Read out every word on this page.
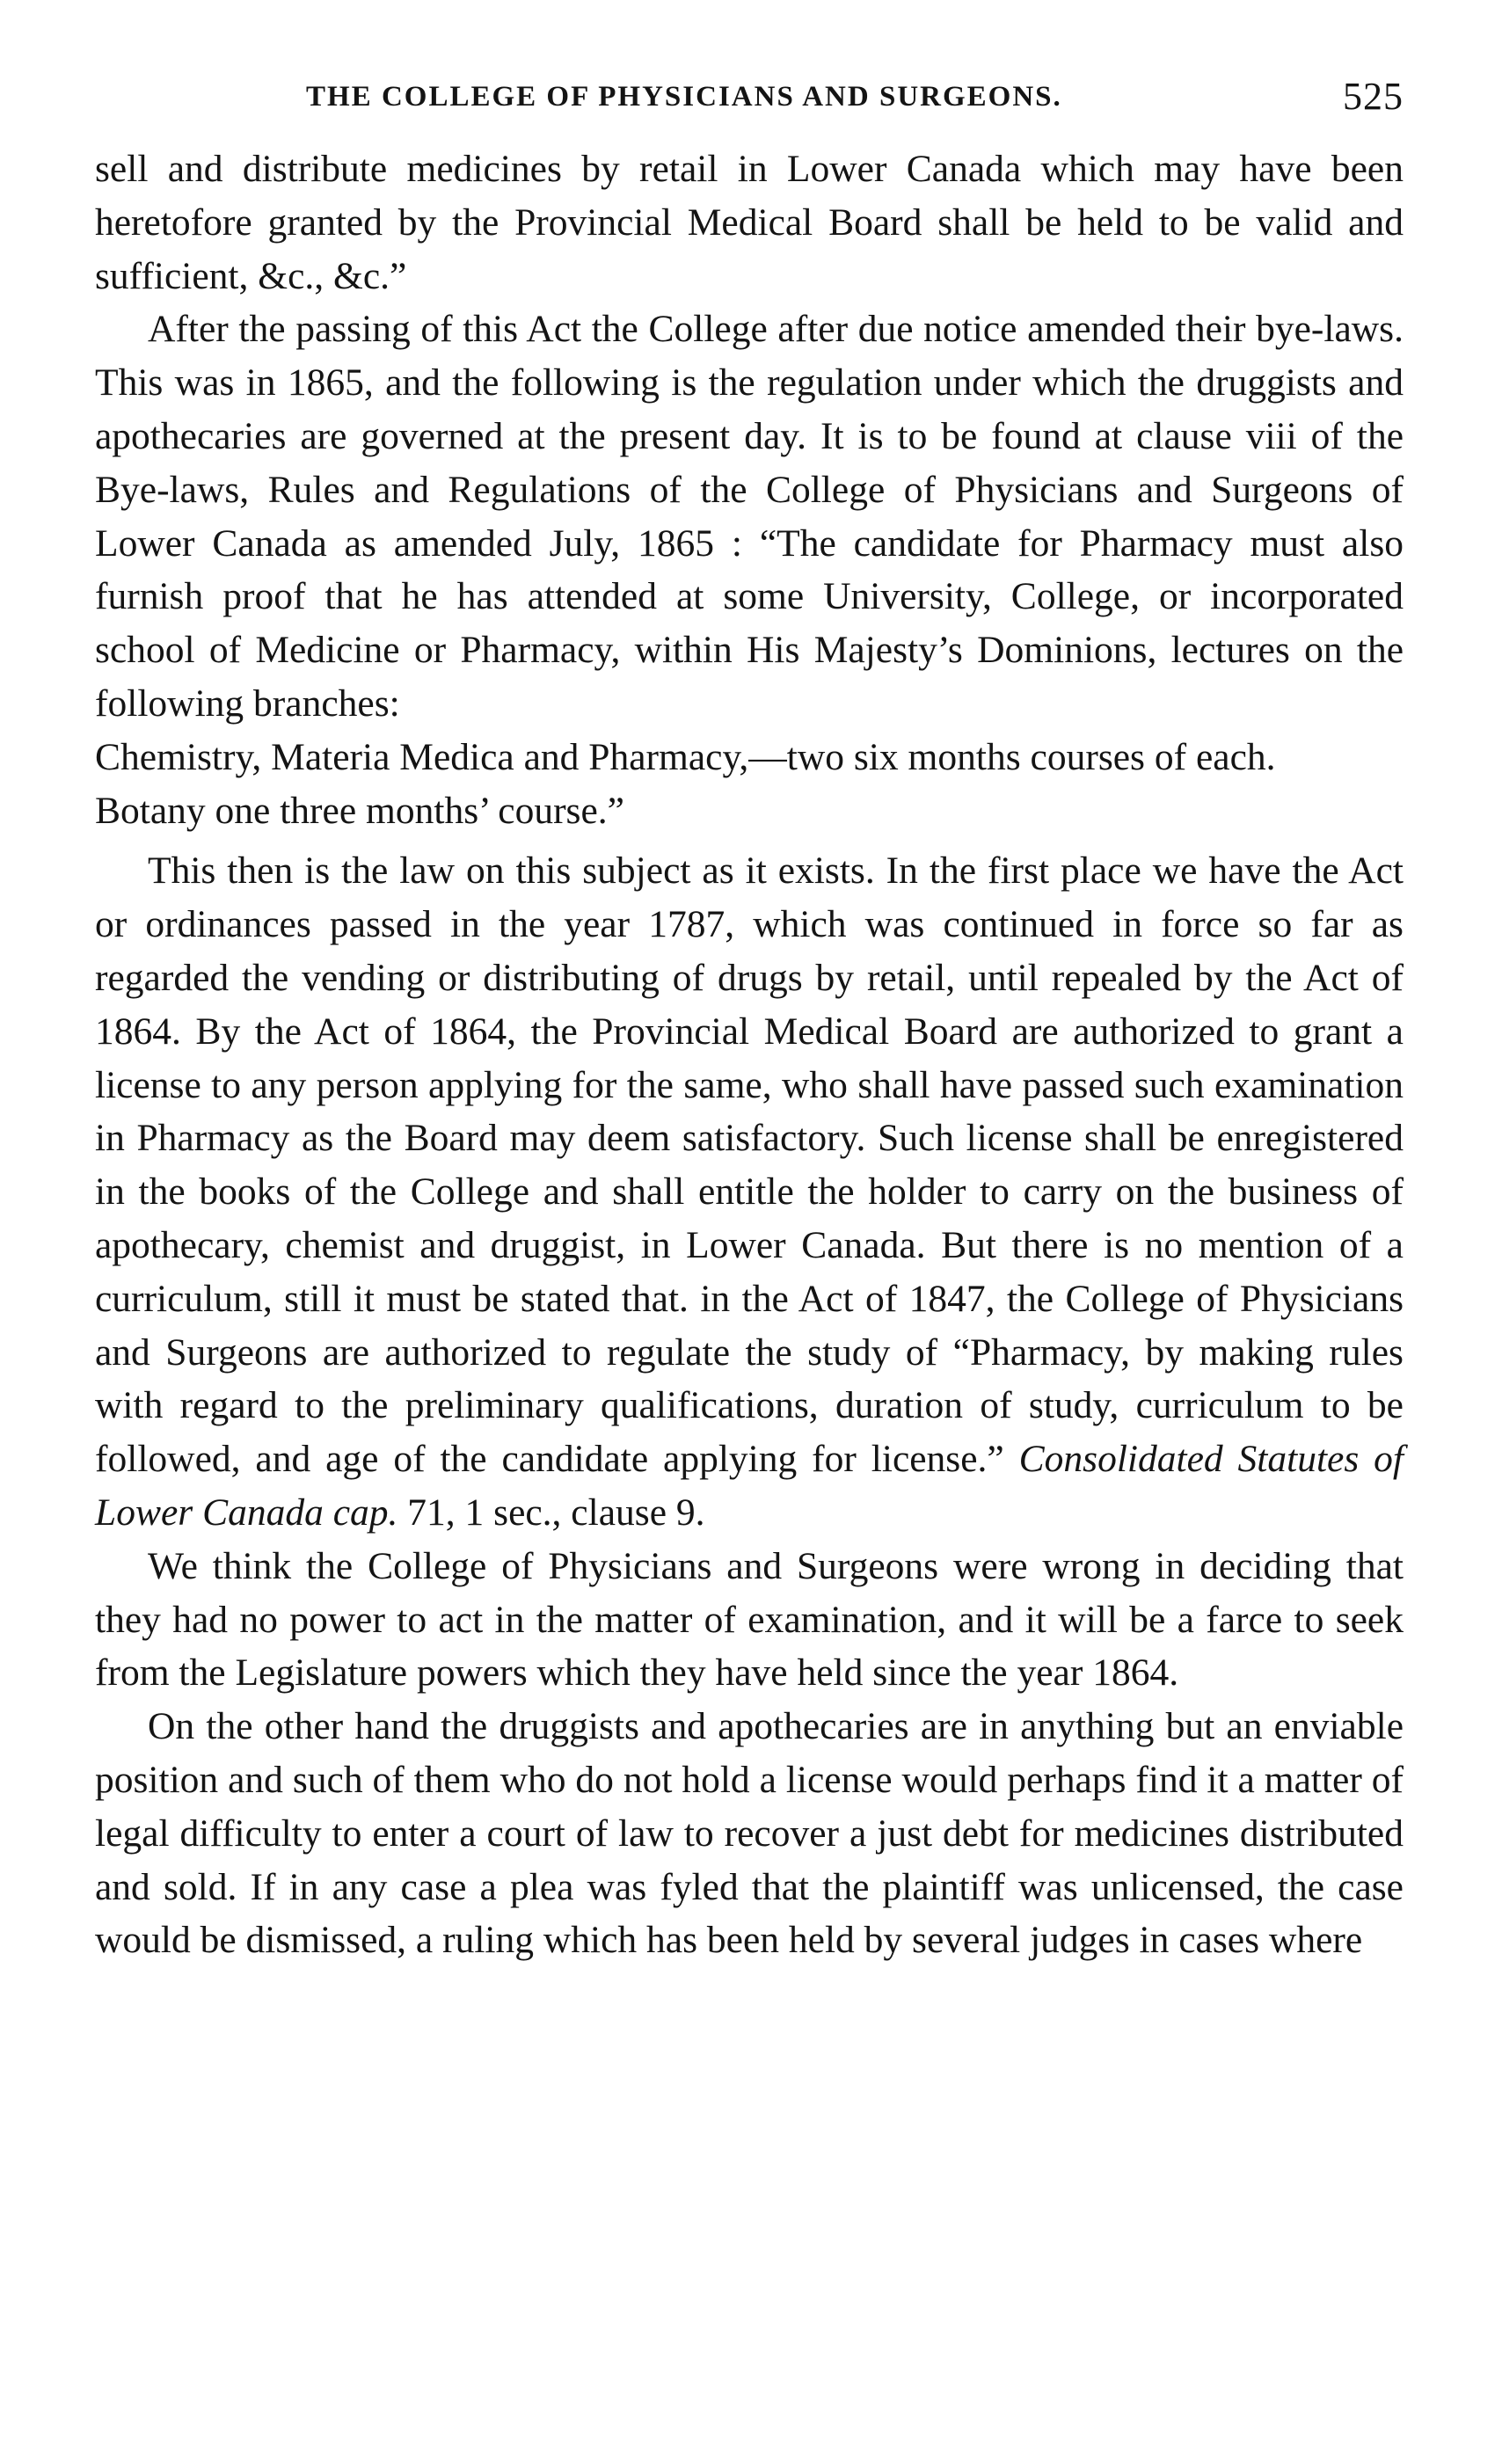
THE COLLEGE OF PHYSICIANS AND SURGEONS.	525

sell and distribute medicines by retail in Lower Canada which may have been heretofore granted by the Provincial Medical Board shall be held to be valid and sufficient, &c., &c.”

After the passing of this Act the College after due notice amended their bye-laws. This was in 1865, and the following is the regulation under which the druggists and apothecaries are governed at the present day. It is to be found at clause viii of the Bye-laws, Rules and Regulations of the College of Physicians and Surgeons of Lower Canada as amended July, 1865 : “The candidate for Pharmacy must also furnish proof that he has attended at some University, College, or incorporated school of Medicine or Pharmacy, within His Majesty’s Dominions, lectures on the following branches:

Chemistry, Materia Medica and Pharmacy,—two six months courses of each.

Botany one three months’ course.”

This then is the law on this subject as it exists. In the first place we have the Act or ordinances passed in the year 1787, which was continued in force so far as regarded the vending or distributing of drugs by retail, until repealed by the Act of 1864. By the Act of 1864, the Provincial Medical Board are authorized to grant a license to any person applying for the same, who shall have passed such examination in Pharmacy as the Board may deem satisfactory. Such license shall be enregistered in the books of the College and shall entitle the holder to carry on the business of apothecary, chemist and druggist, in Lower Canada. But there is no mention of a curriculum, still it must be stated that. in the Act of 1847, the College of Physicians and Surgeons are authorized to regulate the study of “Pharmacy, by making rules with regard to the preliminary qualifications, duration of study, curriculum to be followed, and age of the candidate applying for license.” Consolidated Statutes of Lower Canada cap. 71, 1 sec., clause 9.

We think the College of Physicians and Surgeons were wrong in deciding that they had no power to act in the matter of examination, and it will be a farce to seek from the Legislature powers which they have held since the year 1864.

On the other hand the druggists and apothecaries are in anything but an enviable position and such of them who do not hold a license would perhaps find it a matter of legal difficulty to enter a court of law to recover a just debt for medicines distributed and sold. If in any case a plea was fyled that the plaintiff was unlicensed, the case would be dismissed, a ruling which has been held by several judges in cases where
